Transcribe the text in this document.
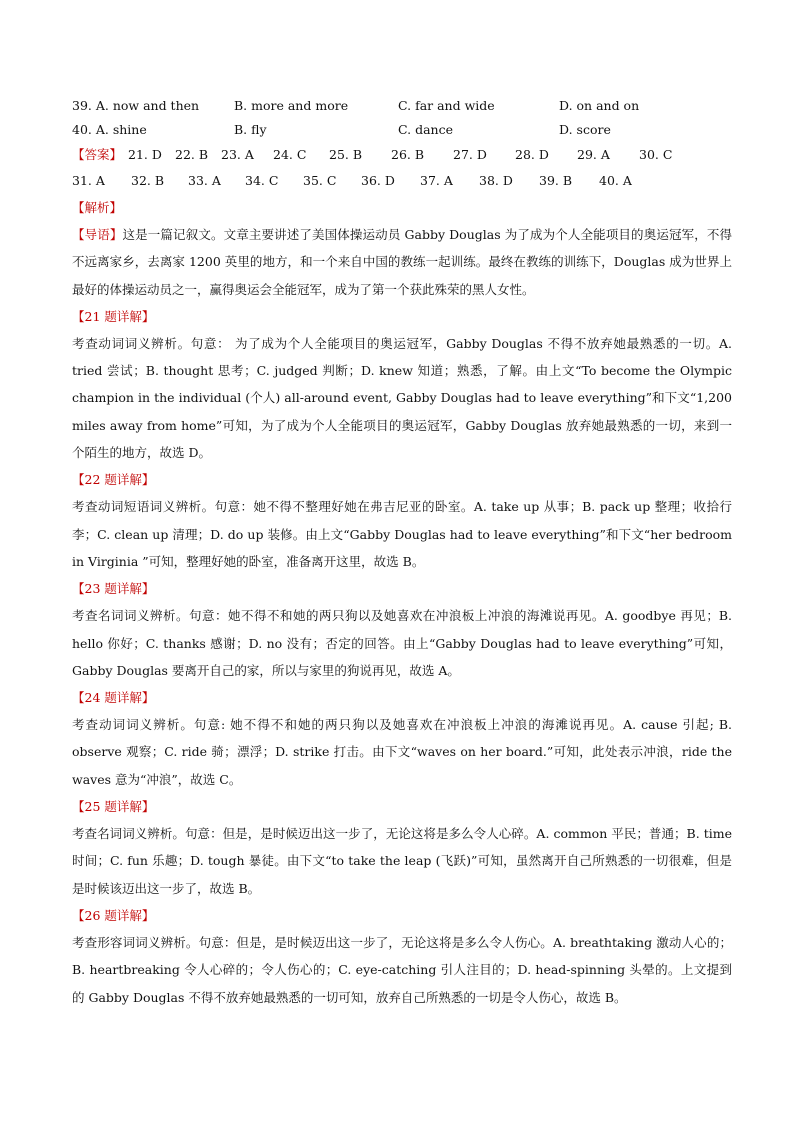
39. A. now and then	B. more and more	C. far and wide	D. on and on
40. A. shine	B. fly	C. dance	D. score
【答案】 21. D	22. B	23. A	24. C	25. B	26. B	27. D	28. D	29. A	30. C
31. A	32. B	33. A	34. C	35. C	36. D	37. A	38. D	39. B	40. A
【解析】
【导语】这是一篇记叙文。文章主要讲述了美国体操运动员 Gabby Douglas 为了成为个人全能项目的奥运冠军，不得不远离家乡，去离家 1200 英里的地方，和一个来自中国的教练一起训练。最终在教练的训练下，Douglas 成为世界上最好的体操运动员之一，赢得奥运会全能冠军，成为了第一个获此殊荣的黑人女性。
【21 题详解】
考查动词词义辨析。句意： 为了成为个人全能项目的奥运冠军，Gabby Douglas 不得不放弃她最熟悉的一切。A. tried 尝试；B. thought 思考；C. judged 判断；D. knew 知道；熟悉，了解。由上文“To become the Olympic champion in the individual (个人) all-around event, Gabby Douglas had to leave everything”和下文“1,200 miles away from home”可知，为了成为个人全能项目的奥运冠军，Gabby Douglas 放弃她最熟悉的一切，来到一个陌生的地方，故选 D。
【22 题详解】
考查动词短语词义辨析。句意：她不得不整理好她在弗吉尼亚的卧室。A. take up 从事；B. pack up 整理；收拾行李；C. clean up 清理；D. do up 装修。由上文“Gabby Douglas had to leave everything”和下文“her bedroom in Virginia ”可知，整理好她的卧室，准备离开这里，故选 B。
【23 题详解】
考查名词词义辨析。句意：她不得不和她的两只狗以及她喜欢在冲浪板上冲浪的海滩说再见。A. goodbye 再见；B. hello 你好；C. thanks 感谢；D. no 没有；否定的回答。由上“Gabby Douglas had to leave everything”可知，Gabby Douglas 要离开自己的家，所以与家里的狗说再见，故选 A。
【24 题详解】
考查动词词义辨析。句意: 她不得不和她的两只狗以及她喜欢在冲浪板上冲浪的海滩说再见。A. cause 引起; B. observe 观察；C. ride 骑；漂浮；D. strike 打击。由下文“waves on her board.”可知，此处表示冲浪，ride the waves 意为“冲浪”，故选 C。
【25 题详解】
考查名词词义辨析。句意：但是，是时候迈出这一步了，无论这将是多么令人心碎。A. common 平民；普通；B. time 时间；C. fun 乐趣；D. tough 暴徒。由下文“to take the leap (飞跃)”可知，虽然离开自己所熟悉的一切很难，但是是时候该迈出这一步了，故选 B。
【26 题详解】
考查形容词词义辨析。句意：但是，是时候迈出这一步了，无论这将是多么令人伤心。A. breathtaking 激动人心的；B. heartbreaking 令人心碎的；令人伤心的；C. eye-catching 引人注目的；D. head-spinning 头晕的。上文提到的 Gabby Douglas 不得不放弃她最熟悉的一切可知，放弃自己所熟悉的一切是令人伤心，故选 B。
